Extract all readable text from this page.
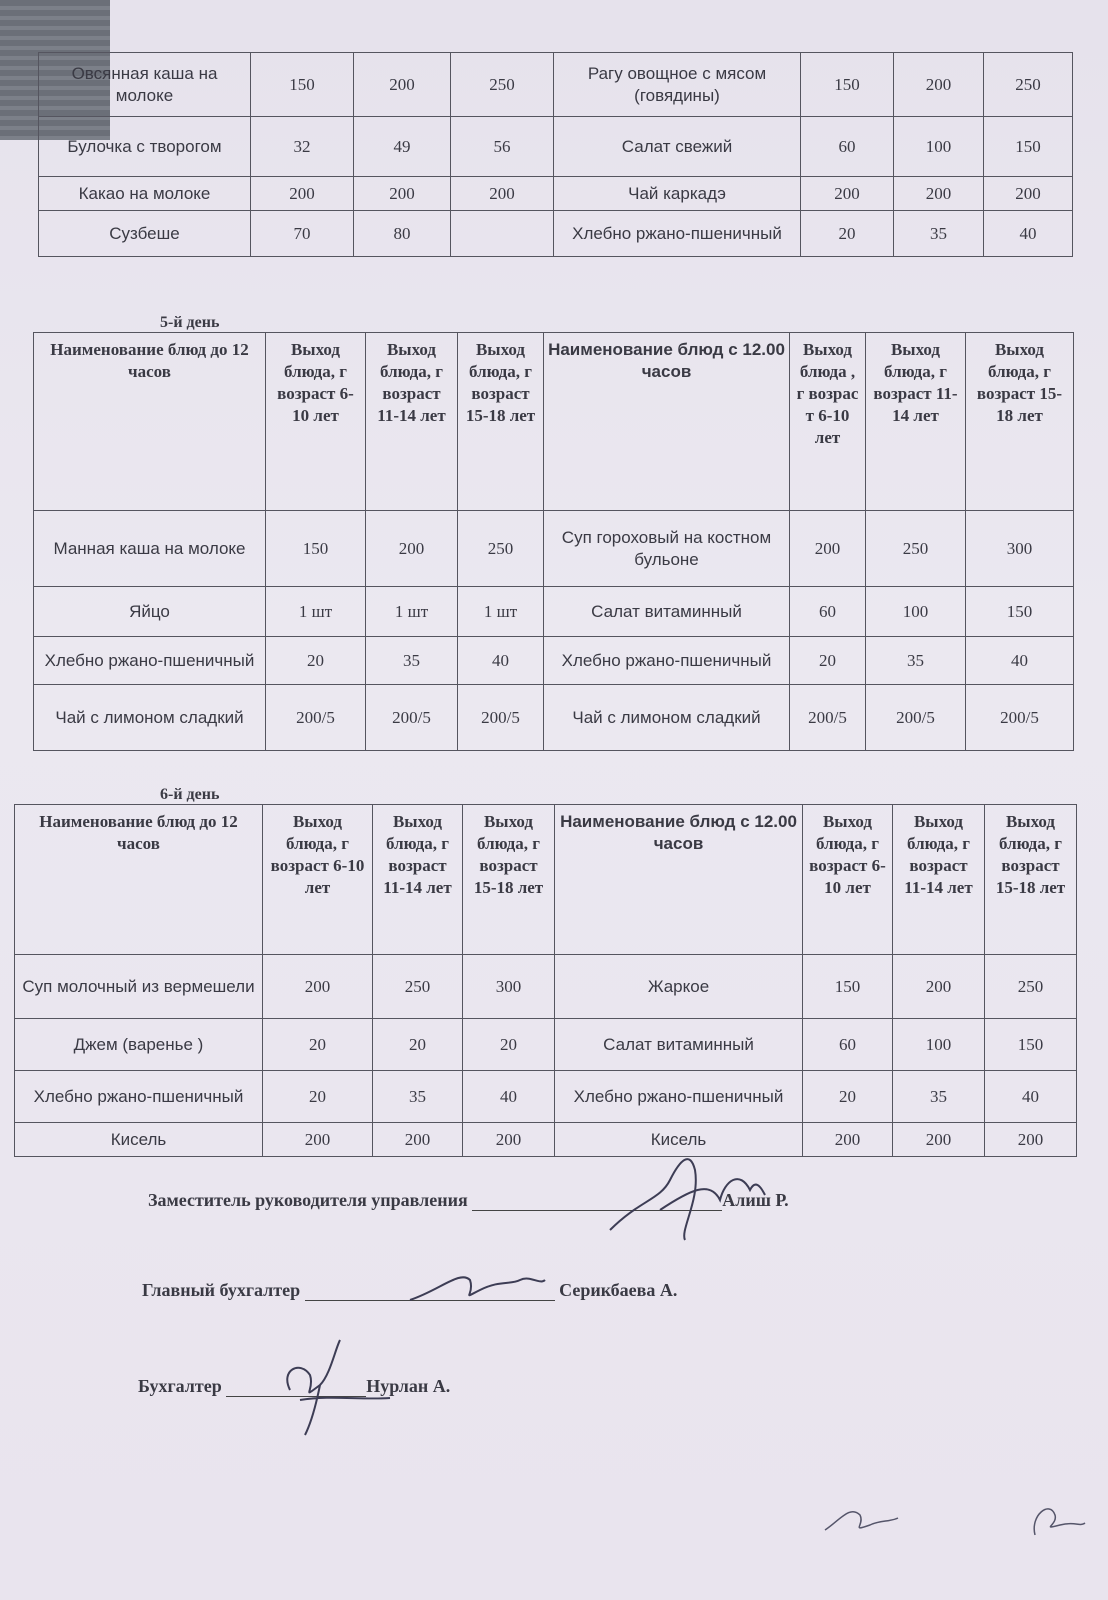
Овсянная каша на молоке	150	200	250	Рагу овощное с мясом (говядины)	150	200	250
Булочка с творогом	32	49	56	Салат свежий	60	100	150
Какао на молоке	200	200	200	Чай каркадэ	200	200	200
Сузбеше	70	80		Хлебно ржано-пшеничный	20	35	40
5-й день
Наименование блюд до 12 часов	Выход блюда, г возраст 6-10 лет	Выход блюда, г возраст 11-14 лет	Выход блюда, г возраст 15-18 лет	Наименование блюд с 12.00 часов	Выход блюда , г возрас т 6-10 лет	Выход блюда, г возраст 11-14 лет	Выход блюда, г возраст 15-18 лет
Манная каша на молоке	150	200	250	Суп гороховый на костном бульоне	200	250	300
Яйцо	1 шт	1 шт	1 шт	Салат витаминный	60	100	150
Хлебно ржано-пшеничный	20	35	40	Хлебно ржано-пшеничный	20	35	40
Чай с лимоном сладкий	200/5	200/5	200/5	Чай с лимоном сладкий	200/5	200/5	200/5
6-й день
Наименование блюд до 12 часов	Выход блюда, г возраст 6-10 лет	Выход блюда, г возраст 11-14 лет	Выход блюда, г возраст 15-18 лет	Наименование блюд с 12.00 часов	Выход блюда, г возраст 6-10 лет	Выход блюда, г возраст 11-14 лет	Выход блюда, г возраст 15-18 лет
Суп молочный из вермешели	200	250	300	Жаркое	150	200	250
Джем (варенье )	20	20	20	Салат витаминный	60	100	150
Хлебно ржано-пшеничный	20	35	40	Хлебно ржано-пшеничный	20	35	40
Кисель	200	200	200	Кисель	200	200	200
Заместитель руководителя управления	Алиш Р.
Главный бухгалтер	Серикбаева А.
Бухгалтер	Нурлан А.
